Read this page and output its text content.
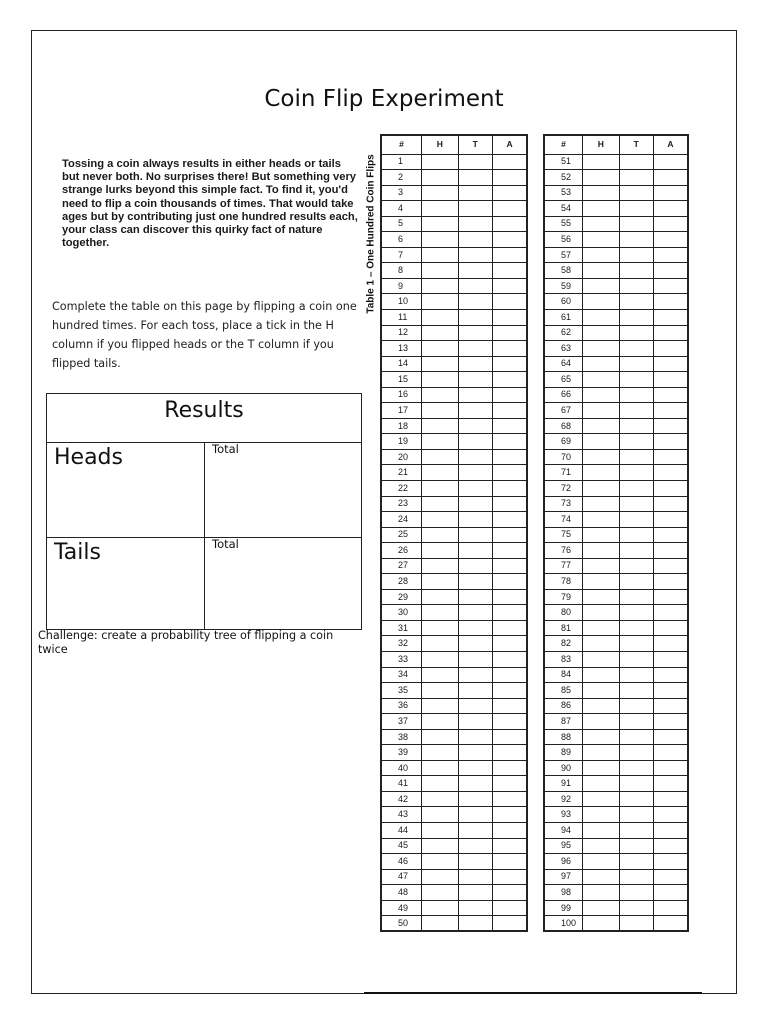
Coin Flip Experiment
Tossing a coin always results in either heads or tails but never both. No surprises there! But something very strange lurks beyond this simple fact. To find it, you'd need to flip a coin thousands of times. That would take ages but by contributing just one hundred results each, your class can discover this quirky fact of nature together.
Complete the table on this page by flipping a coin one hundred times. For each toss, place a tick in the H column if you flipped heads or the T column if you flipped tails.
Results
Heads	Total
Tails	Total
Challenge: create a probability tree of flipping a coin twice
Table 1 – One Hundred Coin Flips
#	H	T	A
1			
2			
3			
4			
5			
6			
7			
8			
9			
10			
11			
12			
13			
14			
15			
16			
17			
18			
19			
20			
21			
22			
23			
24			
25			
26			
27			
28			
29			
30			
31			
32			
33			
34			
35			
36			
37			
38			
39			
40			
41			
42			
43			
44			
45			
46			
47			
48			
49			
50			
#	H	T	A
51			
52			
53			
54			
55			
56			
57			
58			
59			
60			
61			
62			
63			
64			
65			
66			
67			
68			
69			
70			
71			
72			
73			
74			
75			
76			
77			
78			
79			
80			
81			
82			
83			
84			
85			
86			
87			
88			
89			
90			
91			
92			
93			
94			
95			
96			
97			
98			
99			
100			
